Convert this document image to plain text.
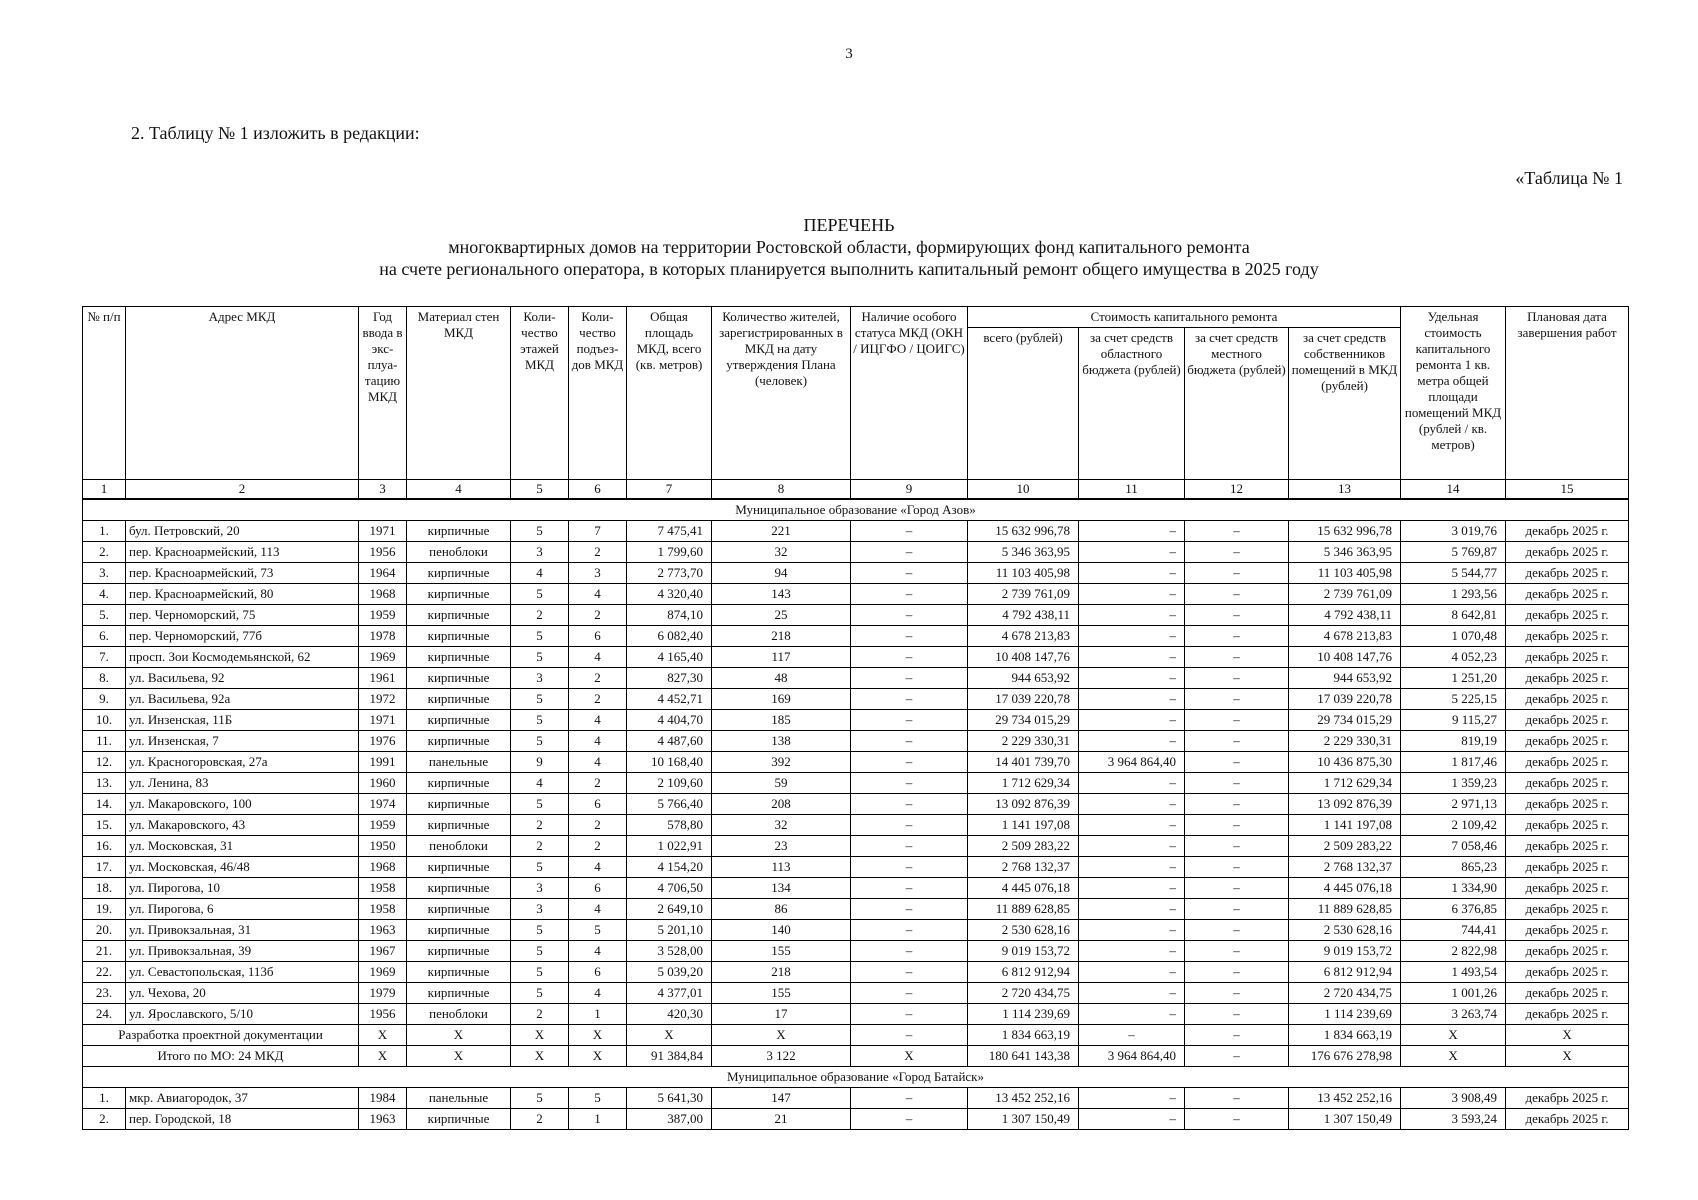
3
2. Таблицу № 1 изложить в редакции:
«Таблица № 1
ПЕРЕЧЕНЬ
многоквартирных домов на территории Ростовской области, формирующих фонд капитального ремонта
на счете регионального оператора, в которых планируется выполнить капитальный ремонт общего имущества в 2025 году
№ п/п	Адрес МКД	Год ввода в экс-плуа-тацию МКД	Материал стен МКД	Коли-чество этажей МКД	Коли-чество подъез-дов МКД	Общая площадь МКД, всего (кв. метров)	Количество жителей, зарегистрированных в МКД на дату утверждения Плана (человек)	Наличие особого статуса МКД (ОКН / ИЦГФО / ЦОИГС)	Стоимость капитального ремонта				Удельная стоимость капитального ремонта 1 кв. метра общей площади помещений МКД (рублей / кв. метров)	Плановая дата завершения работ
									всего (рублей)	за счет средств областного бюджета (рублей)	за счет средств местного бюджета (рублей)	за счет средств собственников помещений в МКД (рублей)		
1	2	3	4	5	6	7	8	9	10	11	12	13	14	15
Муниципальное образование «Город Азов»														
1.	бул. Петровский, 20	1971	кирпичные	5	7	7 475,41	221	–	15 632 996,78	–	–	15 632 996,78	3 019,76	декабрь 2025 г.
2.	пер. Красноармейский, 113	1956	пеноблоки	3	2	1 799,60	32	–	5 346 363,95	–	–	5 346 363,95	5 769,87	декабрь 2025 г.
3.	пер. Красноармейский, 73	1964	кирпичные	4	3	2 773,70	94	–	11 103 405,98	–	–	11 103 405,98	5 544,77	декабрь 2025 г.
4.	пер. Красноармейский, 80	1968	кирпичные	5	4	4 320,40	143	–	2 739 761,09	–	–	2 739 761,09	1 293,56	декабрь 2025 г.
5.	пер. Черноморский, 75	1959	кирпичные	2	2	874,10	25	–	4 792 438,11	–	–	4 792 438,11	8 642,81	декабрь 2025 г.
6.	пер. Черноморский, 77б	1978	кирпичные	5	6	6 082,40	218	–	4 678 213,83	–	–	4 678 213,83	1 070,48	декабрь 2025 г.
7.	просп. Зои Космодемьянской, 62	1969	кирпичные	5	4	4 165,40	117	–	10 408 147,76	–	–	10 408 147,76	4 052,23	декабрь 2025 г.
8.	ул. Васильева, 92	1961	кирпичные	3	2	827,30	48	–	944 653,92	–	–	944 653,92	1 251,20	декабрь 2025 г.
9.	ул. Васильева, 92а	1972	кирпичные	5	2	4 452,71	169	–	17 039 220,78	–	–	17 039 220,78	5 225,15	декабрь 2025 г.
10.	ул. Инзенская, 11Б	1971	кирпичные	5	4	4 404,70	185	–	29 734 015,29	–	–	29 734 015,29	9 115,27	декабрь 2025 г.
11.	ул. Инзенская, 7	1976	кирпичные	5	4	4 487,60	138	–	2 229 330,31	–	–	2 229 330,31	819,19	декабрь 2025 г.
12.	ул. Красногоровская, 27а	1991	панельные	9	4	10 168,40	392	–	14 401 739,70	3 964 864,40	–	10 436 875,30	1 817,46	декабрь 2025 г.
13.	ул. Ленина, 83	1960	кирпичные	4	2	2 109,60	59	–	1 712 629,34	–	–	1 712 629,34	1 359,23	декабрь 2025 г.
14.	ул. Макаровского, 100	1974	кирпичные	5	6	5 766,40	208	–	13 092 876,39	–	–	13 092 876,39	2 971,13	декабрь 2025 г.
15.	ул. Макаровского, 43	1959	кирпичные	2	2	578,80	32	–	1 141 197,08	–	–	1 141 197,08	2 109,42	декабрь 2025 г.
16.	ул. Московская, 31	1950	пеноблоки	2	2	1 022,91	23	–	2 509 283,22	–	–	2 509 283,22	7 058,46	декабрь 2025 г.
17.	ул. Московская, 46/48	1968	кирпичные	5	4	4 154,20	113	–	2 768 132,37	–	–	2 768 132,37	865,23	декабрь 2025 г.
18.	ул. Пирогова, 10	1958	кирпичные	3	6	4 706,50	134	–	4 445 076,18	–	–	4 445 076,18	1 334,90	декабрь 2025 г.
19.	ул. Пирогова, 6	1958	кирпичные	3	4	2 649,10	86	–	11 889 628,85	–	–	11 889 628,85	6 376,85	декабрь 2025 г.
20.	ул. Привокзальная, 31	1963	кирпичные	5	5	5 201,10	140	–	2 530 628,16	–	–	2 530 628,16	744,41	декабрь 2025 г.
21.	ул. Привокзальная, 39	1967	кирпичные	5	4	3 528,00	155	–	9 019 153,72	–	–	9 019 153,72	2 822,98	декабрь 2025 г.
22.	ул. Севастопольская, 113б	1969	кирпичные	5	6	5 039,20	218	–	6 812 912,94	–	–	6 812 912,94	1 493,54	декабрь 2025 г.
23.	ул. Чехова, 20	1979	кирпичные	5	4	4 377,01	155	–	2 720 434,75	–	–	2 720 434,75	1 001,26	декабрь 2025 г.
24.	ул. Ярославского, 5/10	1956	пеноблоки	2	1	420,30	17	–	1 114 239,69	–	–	1 114 239,69	3 263,74	декабрь 2025 г.
Разработка проектной документации		X	X	X	X	X	X	–	1 834 663,19	–	–	1 834 663,19	X	X
Итого по МО: 24 МКД		X	X	X	X	91 384,84	3 122	X	180 641 143,38	3 964 864,40	–	176 676 278,98	X	X
Муниципальное образование «Город Батайск»														
1.	мкр. Авиагородок, 37	1984	панельные	5	5	5 641,30	147	–	13 452 252,16	–	–	13 452 252,16	3 908,49	декабрь 2025 г.
2.	пер. Городской, 18	1963	кирпичные	2	1	387,00	21	–	1 307 150,49	–	–	1 307 150,49	3 593,24	декабрь 2025 г.
